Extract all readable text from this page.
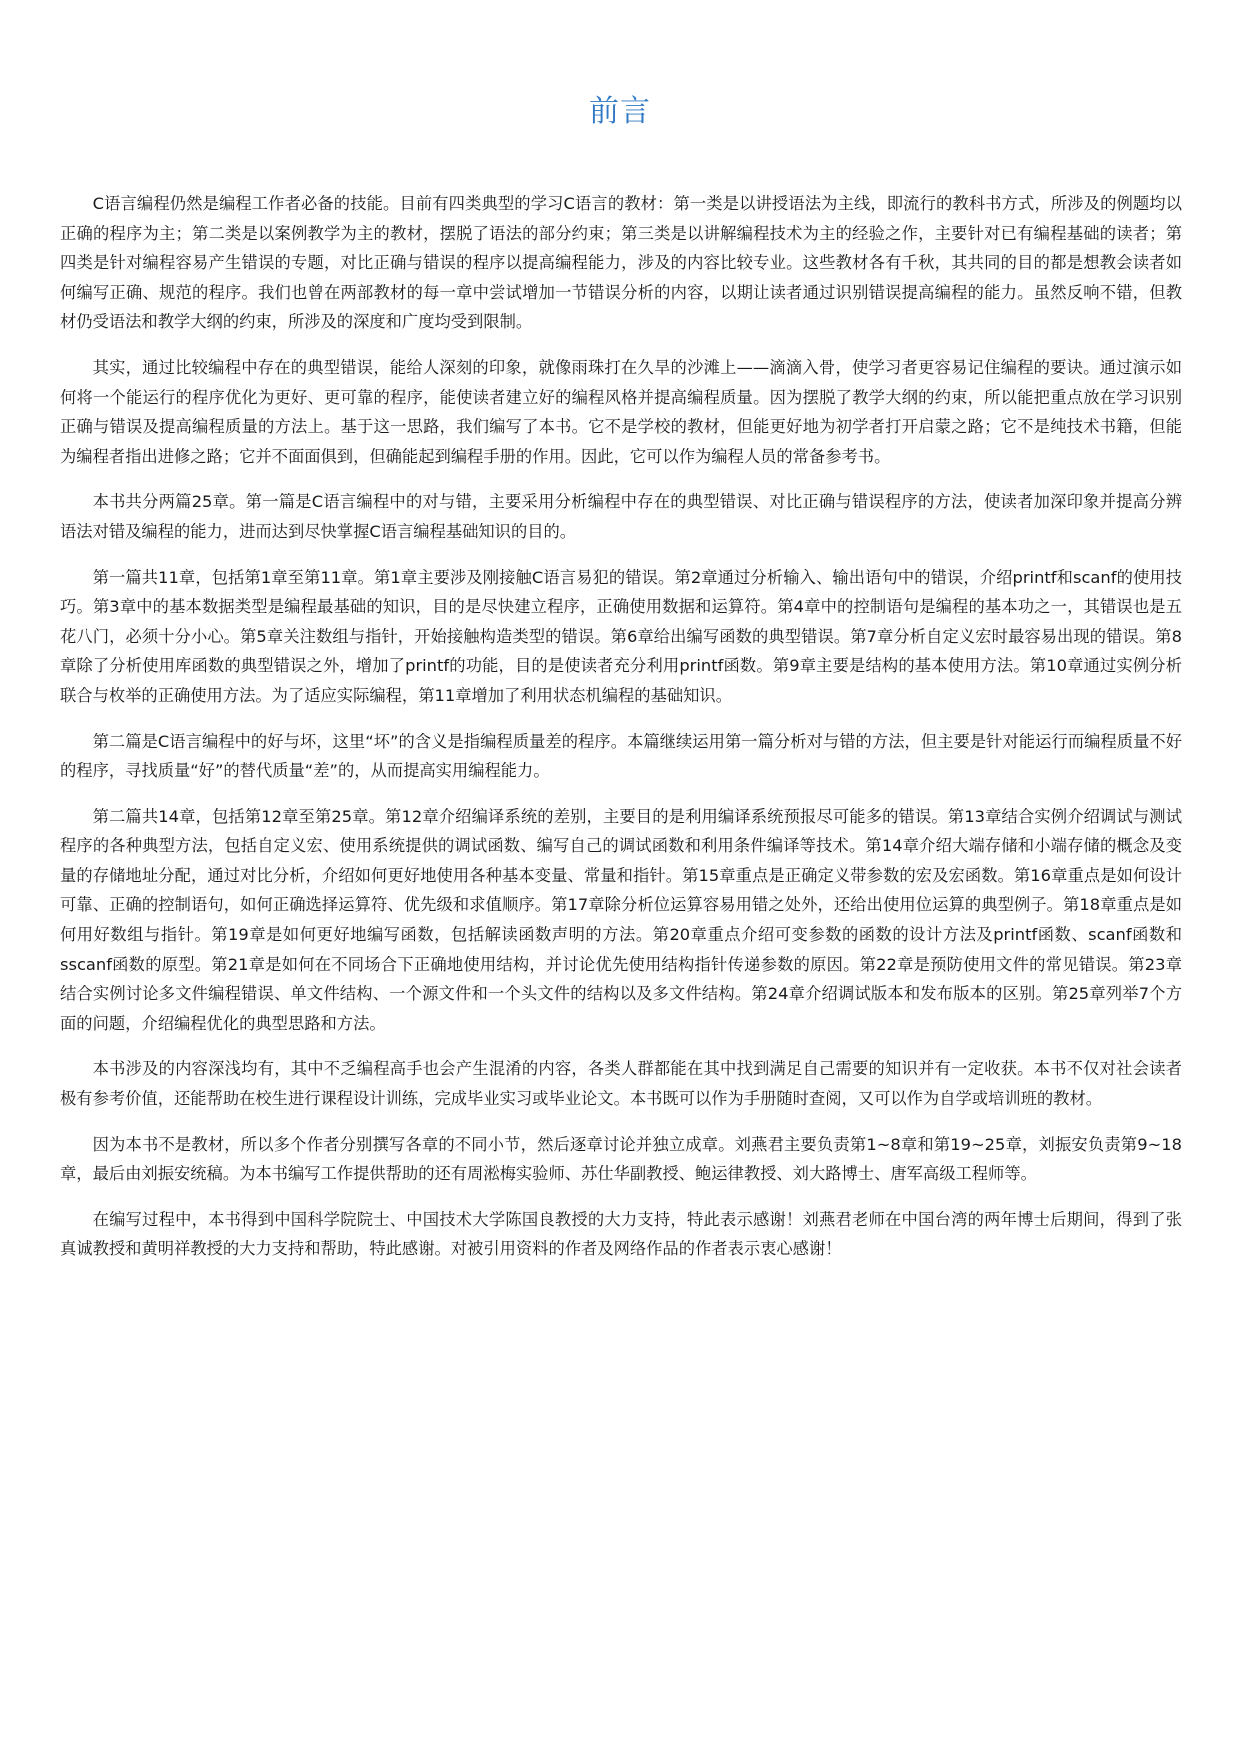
前言

C语言编程仍然是编程工作者必备的技能。目前有四类典型的学习C语言的教材：第一类是以讲授语法为主线，即流行的教科书方式，所涉及的例题均以正确的程序为主；第二类是以案例教学为主的教材，摆脱了语法的部分约束；第三类是以讲解编程技术为主的经验之作，主要针对已有编程基础的读者；第四类是针对编程容易产生错误的专题，对比正确与错误的程序以提高编程能力，涉及的内容比较专业。这些教材各有千秋，其共同的目的都是想教会读者如何编写正确、规范的程序。我们也曾在两部教材的每一章中尝试增加一节错误分析的内容，以期让读者通过识别错误提高编程的能力。虽然反响不错，但教材仍受语法和教学大纲的约束，所涉及的深度和广度均受到限制。

其实，通过比较编程中存在的典型错误，能给人深刻的印象，就像雨珠打在久旱的沙滩上——滴滴入骨，使学习者更容易记住编程的要诀。通过演示如何将一个能运行的程序优化为更好、更可靠的程序，能使读者建立好的编程风格并提高编程质量。因为摆脱了教学大纲的约束，所以能把重点放在学习识别正确与错误及提高编程质量的方法上。基于这一思路，我们编写了本书。它不是学校的教材，但能更好地为初学者打开启蒙之路；它不是纯技术书籍，但能为编程者指出进修之路；它并不面面俱到，但确能起到编程手册的作用。因此，它可以作为编程人员的常备参考书。

本书共分两篇25章。第一篇是C语言编程中的对与错，主要采用分析编程中存在的典型错误、对比正确与错误程序的方法，使读者加深印象并提高分辨语法对错及编程的能力，进而达到尽快掌握C语言编程基础知识的目的。

第一篇共11章，包括第1章至第11章。第1章主要涉及刚接触C语言易犯的错误。第2章通过分析输入、输出语句中的错误，介绍printf和scanf的使用技巧。第3章中的基本数据类型是编程最基础的知识，目的是尽快建立程序，正确使用数据和运算符。第4章中的控制语句是编程的基本功之一，其错误也是五花八门，必须十分小心。第5章关注数组与指针，开始接触构造类型的错误。第6章给出编写函数的典型错误。第7章分析自定义宏时最容易出现的错误。第8章除了分析使用库函数的典型错误之外，增加了printf的功能，目的是使读者充分利用printf函数。第9章主要是结构的基本使用方法。第10章通过实例分析联合与枚举的正确使用方法。为了适应实际编程，第11章增加了利用状态机编程的基础知识。

第二篇是C语言编程中的好与坏，这里“坏”的含义是指编程质量差的程序。本篇继续运用第一篇分析对与错的方法，但主要是针对能运行而编程质量不好的程序，寻找质量“好”的替代质量“差”的，从而提高实用编程能力。

第二篇共14章，包括第12章至第25章。第12章介绍编译系统的差别，主要目的是利用编译系统预报尽可能多的错误。第13章结合实例介绍调试与测试程序的各种典型方法，包括自定义宏、使用系统提供的调试函数、编写自己的调试函数和利用条件编译等技术。第14章介绍大端存储和小端存储的概念及变量的存储地址分配，通过对比分析，介绍如何更好地使用各种基本变量、常量和指针。第15章重点是正确定义带参数的宏及宏函数。第16章重点是如何设计可靠、正确的控制语句，如何正确选择运算符、优先级和求值顺序。第17章除分析位运算容易用错之处外，还给出使用位运算的典型例子。第18章重点是如何用好数组与指针。第19章是如何更好地编写函数，包括解读函数声明的方法。第20章重点介绍可变参数的函数的设计方法及printf函数、scanf函数和sscanf函数的原型。第21章是如何在不同场合下正确地使用结构，并讨论优先使用结构指针传递参数的原因。第22章是预防使用文件的常见错误。第23章结合实例讨论多文件编程错误、单文件结构、一个源文件和一个头文件的结构以及多文件结构。第24章介绍调试版本和发布版本的区别。第25章列举7个方面的问题，介绍编程优化的典型思路和方法。

本书涉及的内容深浅均有，其中不乏编程高手也会产生混淆的内容，各类人群都能在其中找到满足自己需要的知识并有一定收获。本书不仅对社会读者极有参考价值，还能帮助在校生进行课程设计训练，完成毕业实习或毕业论文。本书既可以作为手册随时查阅，又可以作为自学或培训班的教材。

因为本书不是教材，所以多个作者分别撰写各章的不同小节，然后逐章讨论并独立成章。刘燕君主要负责第1~8章和第19~25章，刘振安负责第9~18章，最后由刘振安统稿。为本书编写工作提供帮助的还有周淞梅实验师、苏仕华副教授、鲍运律教授、刘大路博士、唐军高级工程师等。

在编写过程中，本书得到中国科学院院士、中国技术大学陈国良教授的大力支持，特此表示感谢！刘燕君老师在中国台湾的两年博士后期间，得到了张真诚教授和黄明祥教授的大力支持和帮助，特此感谢。对被引用资料的作者及网络作品的作者表示衷心感谢！
